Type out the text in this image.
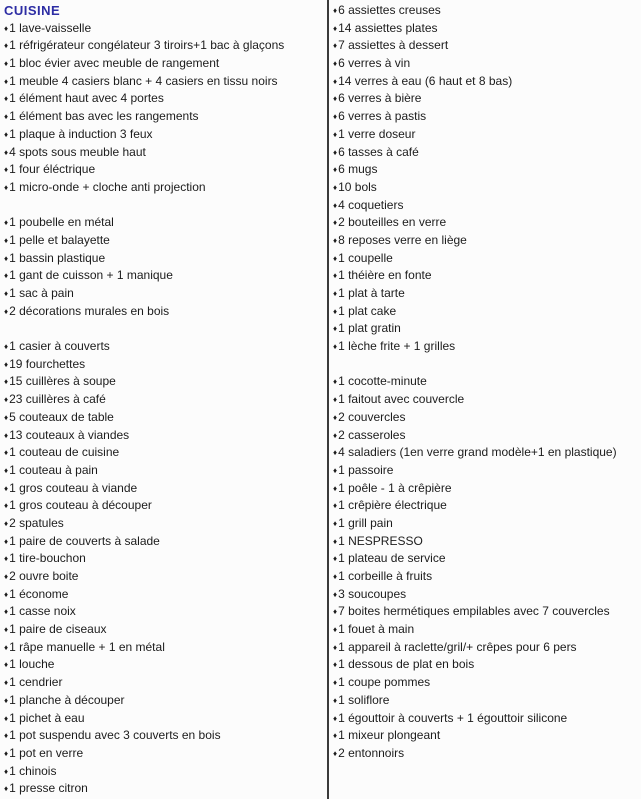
CUISINE
♦1 lave-vaisselle
♦1 réfrigérateur congélateur 3 tiroirs+1 bac à glaçons
♦1 bloc évier avec meuble de rangement
♦1 meuble 4 casiers blanc + 4 casiers en tissu noirs
♦1 élément haut avec 4 portes
♦1 élément bas avec les rangements
♦1 plaque à induction 3 feux
♦4 spots sous meuble haut
♦1 four éléctrique
♦1 micro-onde + cloche anti projection
♦1 poubelle en métal
♦1 pelle et balayette
♦1 bassin plastique
♦1 gant de cuisson + 1 manique
♦1 sac à pain
♦2 décorations murales en bois
♦1 casier à couverts
♦19 fourchettes
♦15 cuillères à soupe
♦23 cuillères à café
♦5 couteaux de table
♦13 couteaux à viandes
♦1 couteau de cuisine
♦1 couteau à pain
♦1 gros couteau à viande
♦1 gros couteau à découper
♦2 spatules
♦1 paire de couverts à salade
♦1 tire-bouchon
♦2 ouvre boite
♦1 économe
♦1 casse noix
♦1 paire de ciseaux
♦1 râpe manuelle + 1 en métal
♦1 louche
♦1 cendrier
♦1 planche à découper
♦1 pichet à eau
♦1 pot suspendu avec 3 couverts en bois
♦1 pot en verre
♦1 chinois
♦1 presse citron
♦6 assiettes creuses
♦14 assiettes plates
♦7 assiettes à dessert
♦6 verres à vin
♦14 verres à eau (6 haut et 8 bas)
♦6 verres à bière
♦6 verres à pastis
♦1 verre doseur
♦6 tasses à café
♦6 mugs
♦10 bols
♦4 coquetiers
♦2 bouteilles en verre
♦8 reposes verre en liège
♦1 coupelle
♦1 théière en fonte
♦1 plat à tarte
♦1 plat cake
♦1 plat gratin
♦1 lèche frite + 1 grilles
♦1 cocotte-minute
♦1 faitout avec couvercle
♦2 couvercles
♦2 casseroles
♦4 saladiers (1en verre grand modèle+1 en plastique)
♦1 passoire
♦1 poêle - 1 à crêpière
♦1 crêpière électrique
♦1 grill pain
♦1 NESPRESSO
♦1 plateau de service
♦1 corbeille à fruits
♦3 soucoupes
♦7 boites hermétiques empilables avec 7 couvercles
♦1 fouet à main
♦1 appareil à raclette/gril/+ crêpes pour 6 pers
♦1 dessous de plat en bois
♦1 coupe pommes
♦1 soliflore
♦1 égouttoir à couverts + 1 égouttoir silicone
♦1 mixeur plongeant
♦2 entonnoirs
